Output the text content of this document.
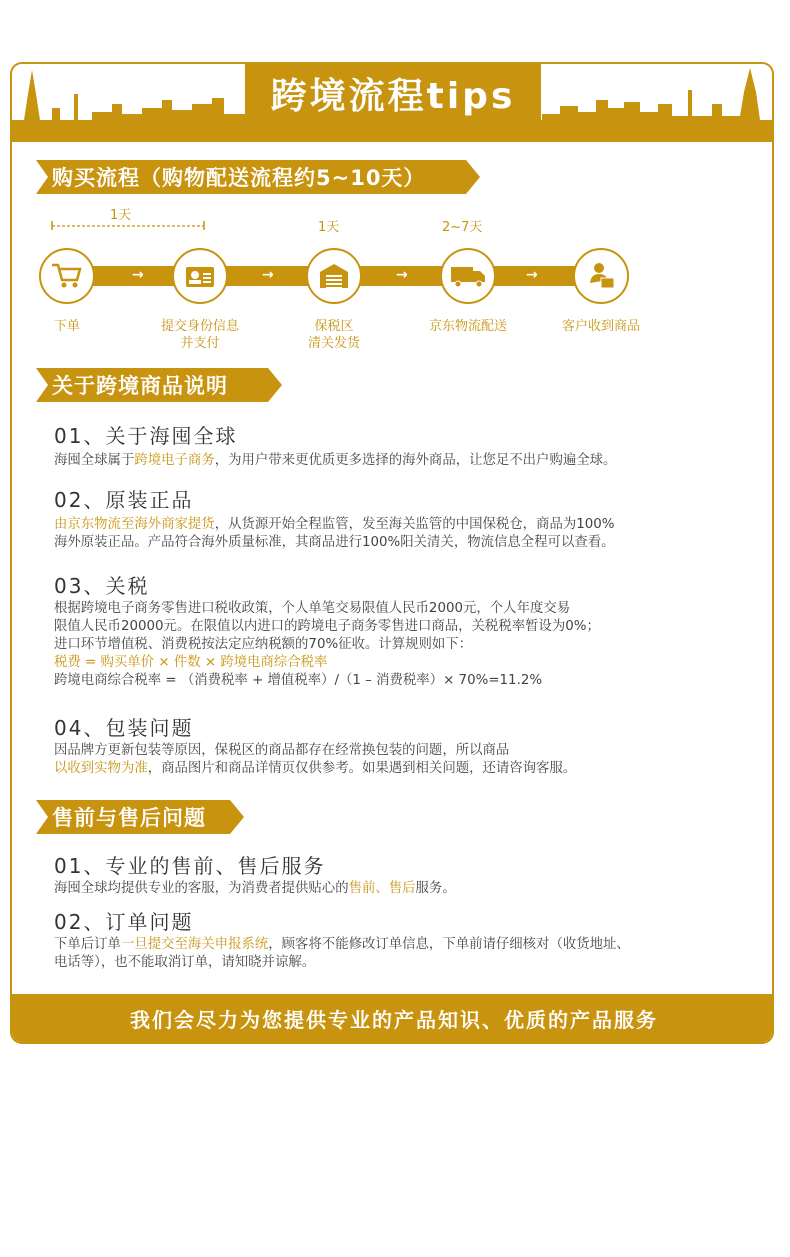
跨境流程tips
购买流程（购物配送流程约5~10天）
1天
1天	2~7天
→	→	→	→
下单	提交身份信息
并支付
保税区
清关发货
京东物流配送	客户收到商品
关于跨境商品说明
01、关于海囤全球
海囤全球属于跨境电子商务，为用户带来更优质更多选择的海外商品，让您足不出户购遍全球。
02、原装正品
由京东物流至海外商家提货，从货源开始全程监管，发至海关监管的中国保税仓，商品为100%
海外原装正品。产品符合海外质量标准，其商品进行100%阳关清关，物流信息全程可以查看。
03、关税
根据跨境电子商务零售进口税收政策，个人单笔交易限值人民币2000元，个人年度交易
限值人民币20000元。在限值以内进口的跨境电子商务零售进口商品，关税税率暂设为0%；
进口环节增值税、消费税按法定应纳税额的70%征收。计算规则如下：
税费 = 购买单价 × 件数 × 跨境电商综合税率
跨境电商综合税率 = （消费税率 + 增值税率）/（1 – 消费税率）× 70%=11.2%
04、包装问题
因品牌方更新包装等原因，保税区的商品都存在经常换包装的问题，所以商品
以收到实物为准，商品图片和商品详情页仅供参考。如果遇到相关问题，还请咨询客服。
售前与售后问题
01、专业的售前、售后服务
海囤全球均提供专业的客服，为消费者提供贴心的售前、售后服务。
02、订单问题
下单后订单一旦提交至海关申报系统，顾客将不能修改订单信息，下单前请仔细核对（收货地址、
电话等），也不能取消订单，请知晓并谅解。
我们会尽力为您提供专业的产品知识、优质的产品服务
